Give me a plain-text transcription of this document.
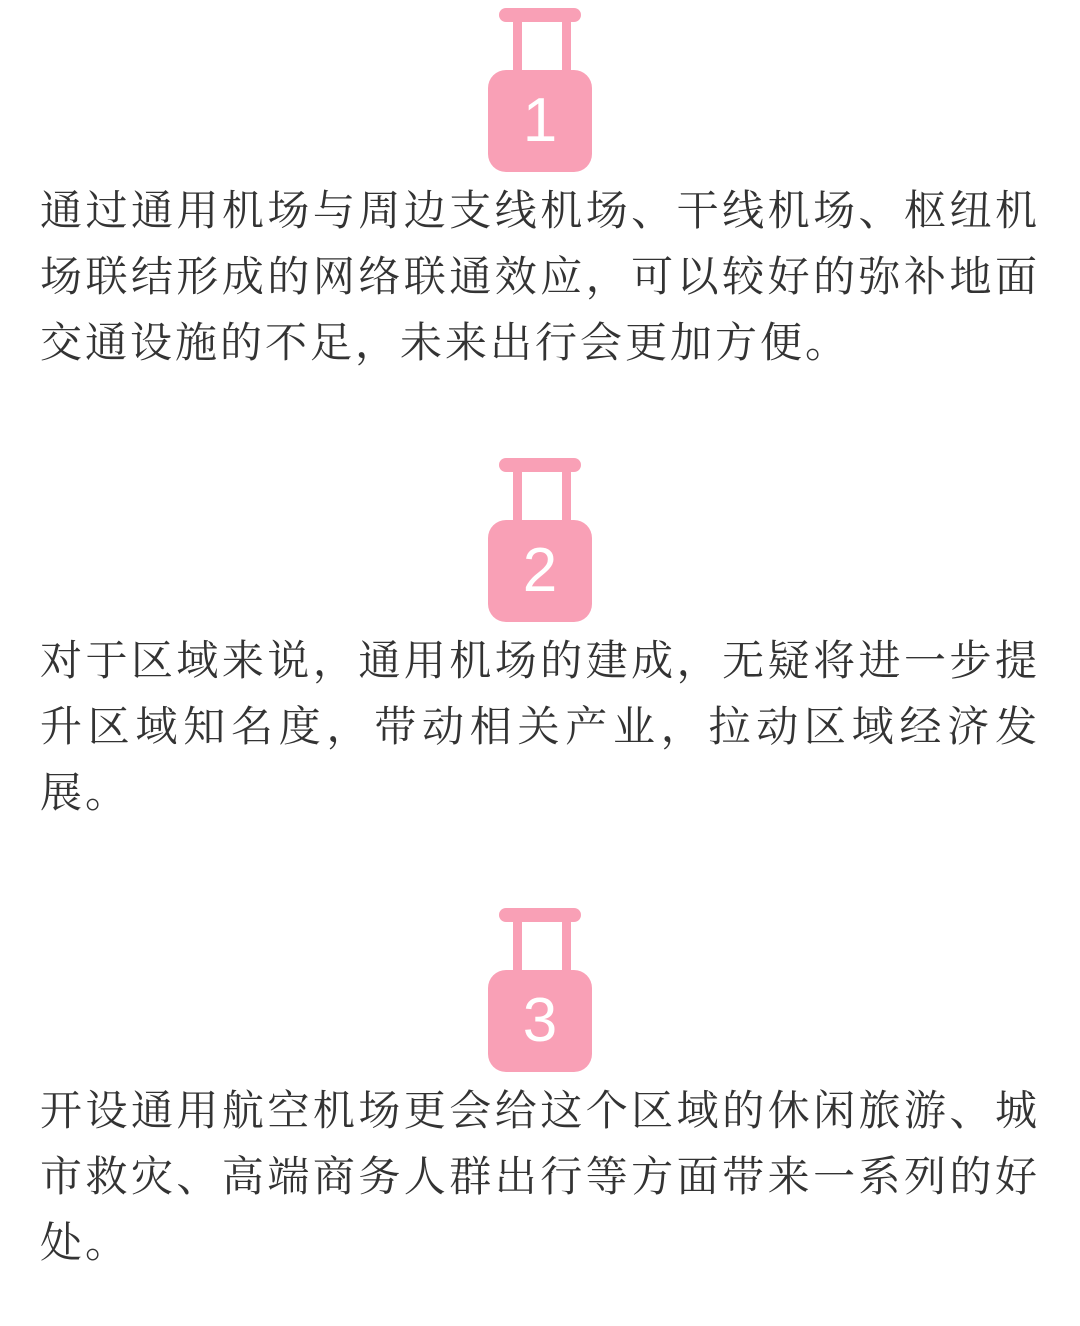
1
通过通用机场与周边支线机场、干线机场、枢纽机
场联结形成的网络联通效应，可以较好的弥补地面
交通设施的不足，未来出行会更加方便。
2
对于区域来说，通用机场的建成，无疑将进一步提
升区域知名度，带动相关产业，拉动区域经济发
展。
3
开设通用航空机场更会给这个区域的休闲旅游、城
市救灾、高端商务人群出行等方面带来一系列的好
处。
